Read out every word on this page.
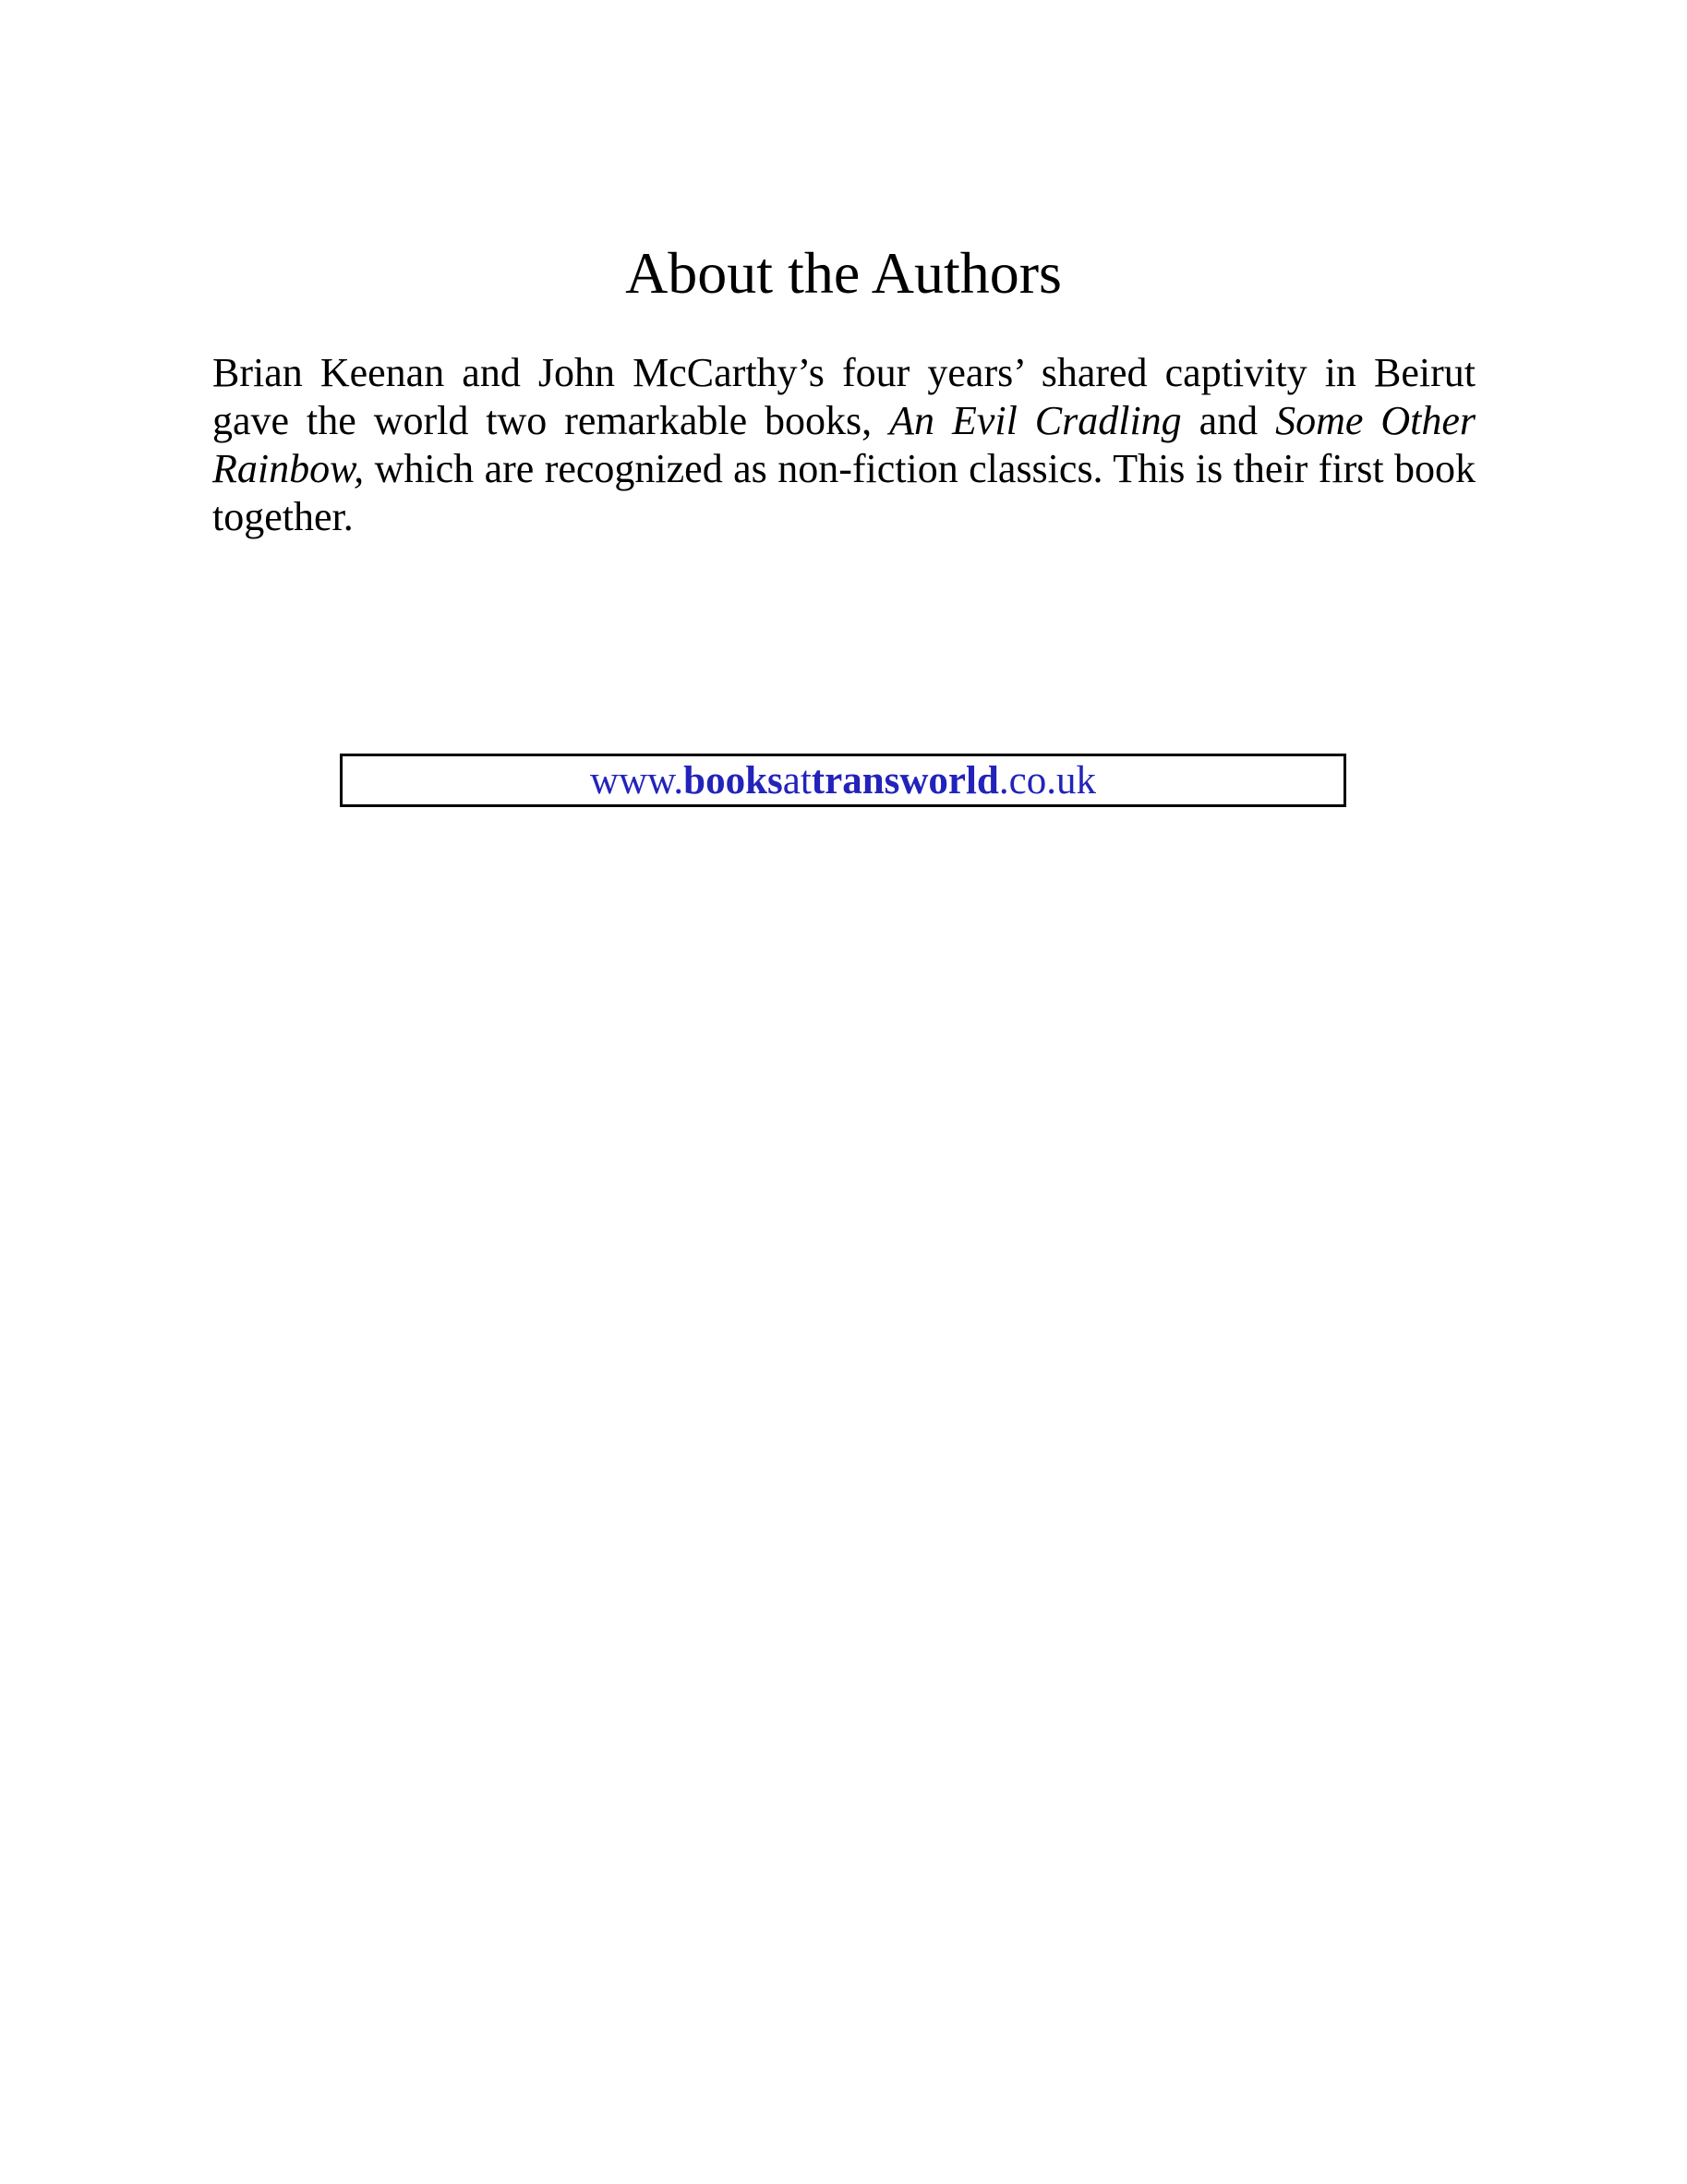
About the Authors

Brian Keenan and John McCarthy’s four years’ shared captivity in Beirut gave the world two remarkable books, An Evil Cradling and Some Other Rainbow, which are recognized as non-fiction classics. This is their first book together.

www.booksattransworld.co.uk
